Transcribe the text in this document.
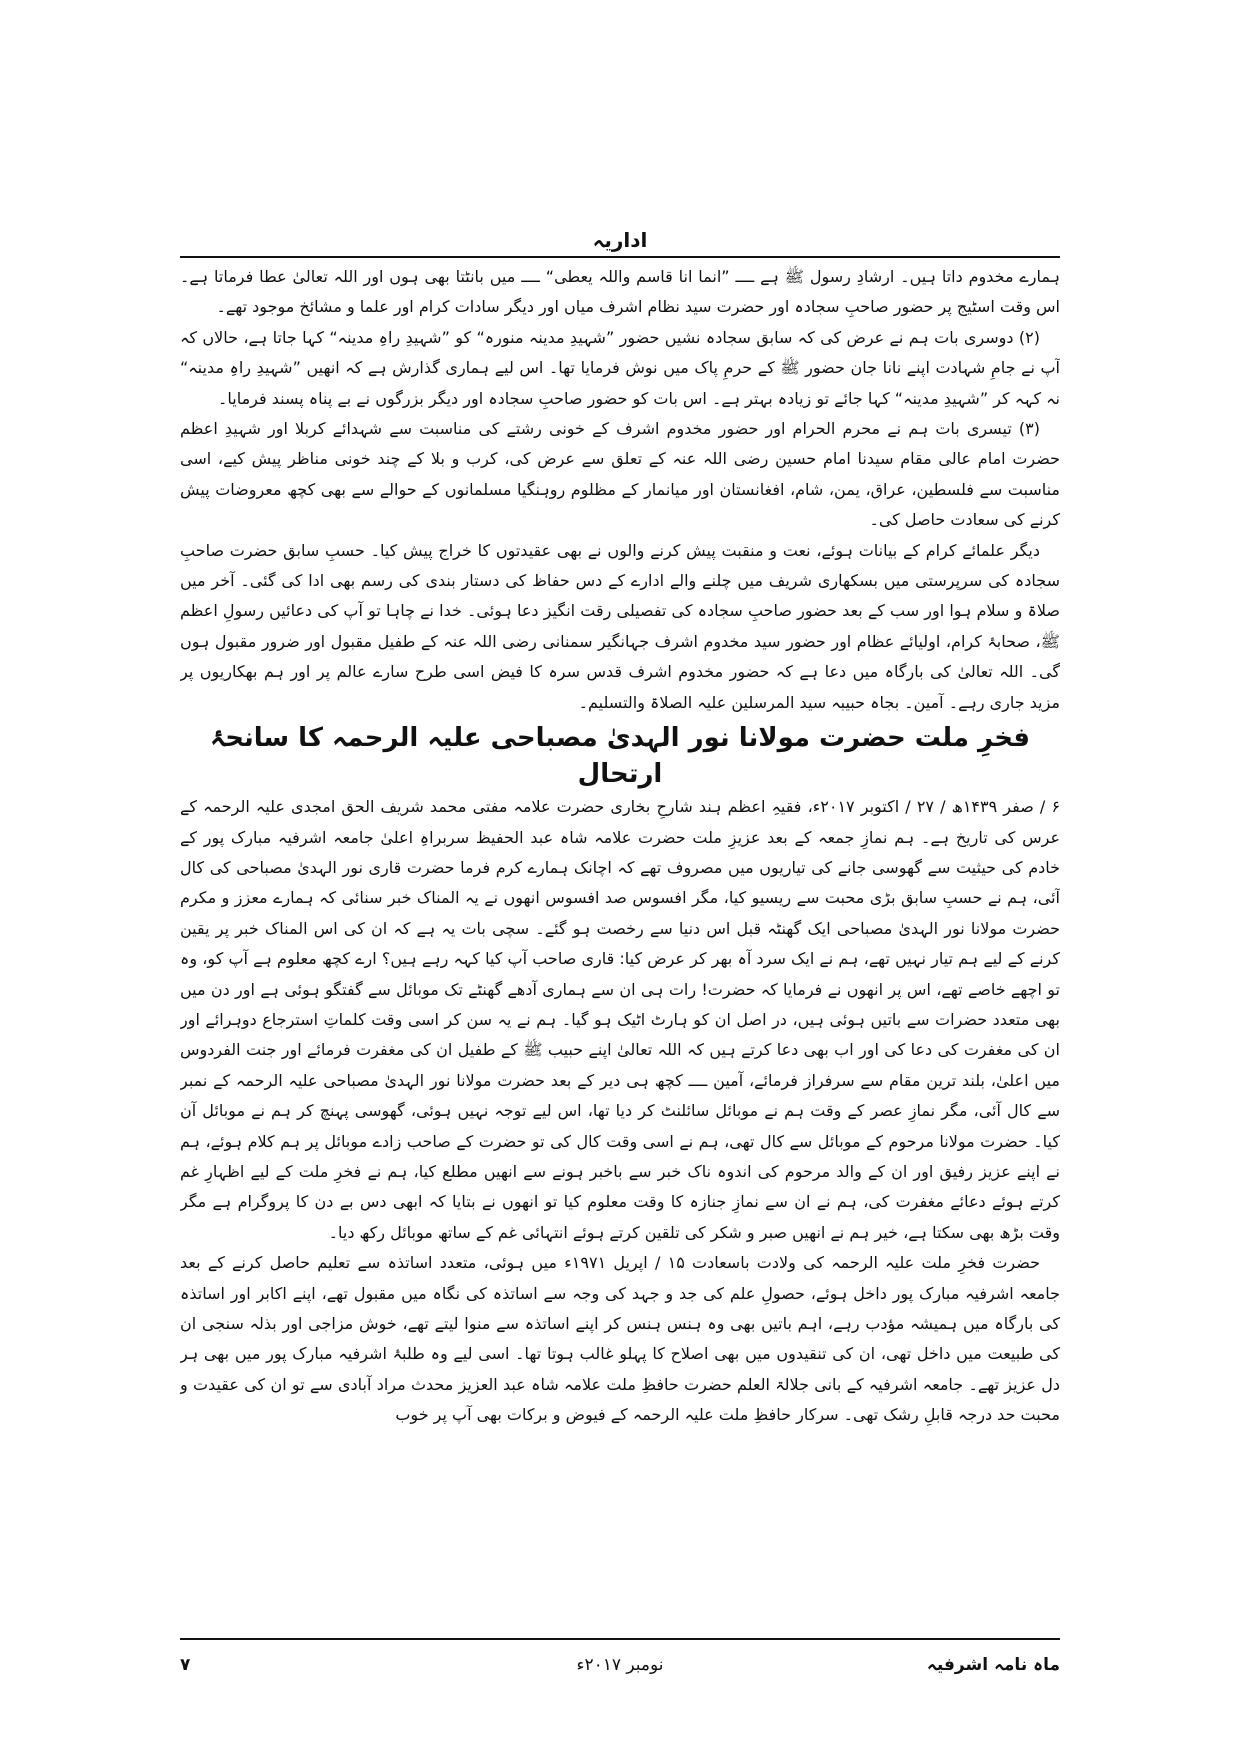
اداریہ

ہمارے مخدوم داتا ہیں۔ ارشادِ رسول ﷺ ہے ــــ ”انما انا قاسم واللہ یعطی“ ــــ میں بانٹتا بھی ہوں اور اللہ تعالیٰ عطا فرماتا ہے۔ اس وقت اسٹیج پر حضور صاحبِ سجادہ اور حضرت سید نظام اشرف میاں اور دیگر سادات کرام اور علما و مشائخ موجود تھے۔

(۲) دوسری بات ہم نے عرض کی کہ سابق سجادہ نشیں حضور ”شہیدِ مدینہ منورہ“ کو ”شہیدِ راہِ مدینہ“ کہا جاتا ہے، حالاں کہ آپ نے جامِ شہادت اپنے نانا جان حضور ﷺ کے حرمِ پاک میں نوش فرمایا تھا۔ اس لیے ہماری گذارش ہے کہ انھیں ”شہیدِ راہِ مدینہ“ نہ کہہ کر ”شہیدِ مدینہ“ کہا جائے تو زیادہ بہتر ہے۔ اس بات کو حضور صاحبِ سجادہ اور دیگر بزرگوں نے بے پناہ پسند فرمایا۔

(۳) تیسری بات ہم نے محرم الحرام اور حضور مخدوم اشرف کے خونی رشتے کی مناسبت سے شہدائے کربلا اور شہیدِ اعظم حضرت امام عالی مقام سیدنا امام حسین رضی اللہ عنہ کے تعلق سے عرض کی، کرب و بلا کے چند خونی مناظر پیش کیے، اسی مناسبت سے فلسطین، عراق، یمن، شام، افغانستان اور میانمار کے مظلوم روہنگیا مسلمانوں کے حوالے سے بھی کچھ معروضات پیش کرنے کی سعادت حاصل کی۔

دیگر علمائے کرام کے بیانات ہوئے، نعت و منقبت پیش کرنے والوں نے بھی عقیدتوں کا خراج پیش کیا۔ حسبِ سابق حضرت صاحبِ سجادہ کی سرپرستی میں بسکھاری شریف میں چلنے والے ادارے کے دس حفاظ کی دستار بندی کی رسم بھی ادا کی گئی۔ آخر میں صلاۃ و سلام ہوا اور سب کے بعد حضور صاحبِ سجادہ کی تفصیلی رقت انگیز دعا ہوئی۔ خدا نے چاہا تو آپ کی دعائیں رسولِ اعظم ﷺ، صحابۂ کرام، اولیائے عظام اور حضور سید مخدوم اشرف جہانگیر سمنانی رضی اللہ عنہ کے طفیل مقبول اور ضرور مقبول ہوں گی۔ اللہ تعالیٰ کی بارگاہ میں دعا ہے کہ حضور مخدوم اشرف قدس سرہ کا فیض اسی طرح سارے عالم پر اور ہم بھکاریوں پر مزید جاری رہے۔ آمین۔ بجاہ حبیبہ سید المرسلین علیہ الصلاۃ والتسلیم۔

فخرِ ملت حضرت مولانا نور الہدیٰ مصباحی علیہ الرحمہ کا سانحۂ ارتحال

۶ / صفر ۱۴۳۹ھ / ۲۷ / اکتوبر ۲۰۱۷ء، فقیہِ اعظم ہند شارحِ بخاری حضرت علامہ مفتی محمد شریف الحق امجدی علیہ الرحمہ کے عرس کی تاریخ ہے۔ ہم نمازِ جمعہ کے بعد عزیزِ ملت حضرت علامہ شاہ عبد الحفیظ سربراہِ اعلیٰ جامعہ اشرفیہ مبارک پور کے خادم کی حیثیت سے گھوسی جانے کی تیاریوں میں مصروف تھے کہ اچانک ہمارے کرم فرما حضرت قاری نور الہدیٰ مصباحی کی کال آئی، ہم نے حسبِ سابق بڑی محبت سے ریسیو کیا، مگر افسوس صد افسوس انھوں نے یہ المناک خبر سنائی کہ ہمارے معزز و مکرم حضرت مولانا نور الہدیٰ مصباحی ایک گھنٹہ قبل اس دنیا سے رخصت ہو گئے۔ سچی بات یہ ہے کہ ان کی اس المناک خبر پر یقین کرنے کے لیے ہم تیار نہیں تھے، ہم نے ایک سرد آہ بھر کر عرض کیا: قاری صاحب آپ کیا کہہ رہے ہیں؟ ارے کچھ معلوم ہے آپ کو، وہ تو اچھے خاصے تھے، اس پر انھوں نے فرمایا کہ حضرت! رات ہی ان سے ہماری آدھے گھنٹے تک موبائل سے گفتگو ہوئی ہے اور دن میں بھی متعدد حضرات سے باتیں ہوئی ہیں، در اصل ان کو ہارٹ اٹیک ہو گیا۔ ہم نے یہ سن کر اسی وقت کلماتِ استرجاع دوہرائے اور ان کی مغفرت کی دعا کی اور اب بھی دعا کرتے ہیں کہ اللہ تعالیٰ اپنے حبیب ﷺ کے طفیل ان کی مغفرت فرمائے اور جنت الفردوس میں اعلیٰ، بلند ترین مقام سے سرفراز فرمائے، آمین ــــ کچھ ہی دیر کے بعد حضرت مولانا نور الہدیٰ مصباحی علیہ الرحمہ کے نمبر سے کال آئی، مگر نمازِ عصر کے وقت ہم نے موبائل سائلنٹ کر دیا تھا، اس لیے توجہ نہیں ہوئی، گھوسی پہنچ کر ہم نے موبائل آن کیا۔ حضرت مولانا مرحوم کے موبائل سے کال تھی، ہم نے اسی وقت کال کی تو حضرت کے صاحب زادے موبائل پر ہم کلام ہوئے، ہم نے اپنے عزیز رفیق اور ان کے والد مرحوم کی اندوہ ناک خبر سے باخبر ہونے سے انھیں مطلع کیا، ہم نے فخرِ ملت کے لیے اظہارِ غم کرتے ہوئے دعائے مغفرت کی، ہم نے ان سے نمازِ جنازہ کا وقت معلوم کیا تو انھوں نے بتایا کہ ابھی دس بے دن کا پروگرام ہے مگر وقت بڑھ بھی سکتا ہے، خیر ہم نے انھیں صبر و شکر کی تلقین کرتے ہوئے انتہائی غم کے ساتھ موبائل رکھ دیا۔

حضرت فخرِ ملت علیہ الرحمہ کی ولادت باسعادت ۱۵ / اپریل ۱۹۷۱ء میں ہوئی، متعدد اساتذہ سے تعلیم حاصل کرنے کے بعد جامعہ اشرفیہ مبارک پور داخل ہوئے، حصولِ علم کی جد و جہد کی وجہ سے اساتذہ کی نگاہ میں مقبول تھے، اپنے اکابر اور اساتذہ کی بارگاہ میں ہمیشہ مؤدب رہے، اہم باتیں بھی وہ ہنس ہنس کر اپنے اساتذہ سے منوا لیتے تھے، خوش مزاجی اور بذلہ سنجی ان کی طبیعت میں داخل تھی، ان کی تنقیدوں میں بھی اصلاح کا پہلو غالب ہوتا تھا۔ اسی لیے وہ طلبۂ اشرفیہ مبارک پور میں بھی ہر دل عزیز تھے۔ جامعہ اشرفیہ کے بانی جلالۃ العلم حضرت حافظِ ملت علامہ شاہ عبد العزیز محدث مراد آبادی سے تو ان کی عقیدت و محبت حد درجہ قابلِ رشک تھی۔ سرکار حافظِ ملت علیہ الرحمہ کے فیوض و برکات بھی آپ پر خوب

ماہ نامہ اشرفیہ
نومبر ۲۰۱۷ء
۷
